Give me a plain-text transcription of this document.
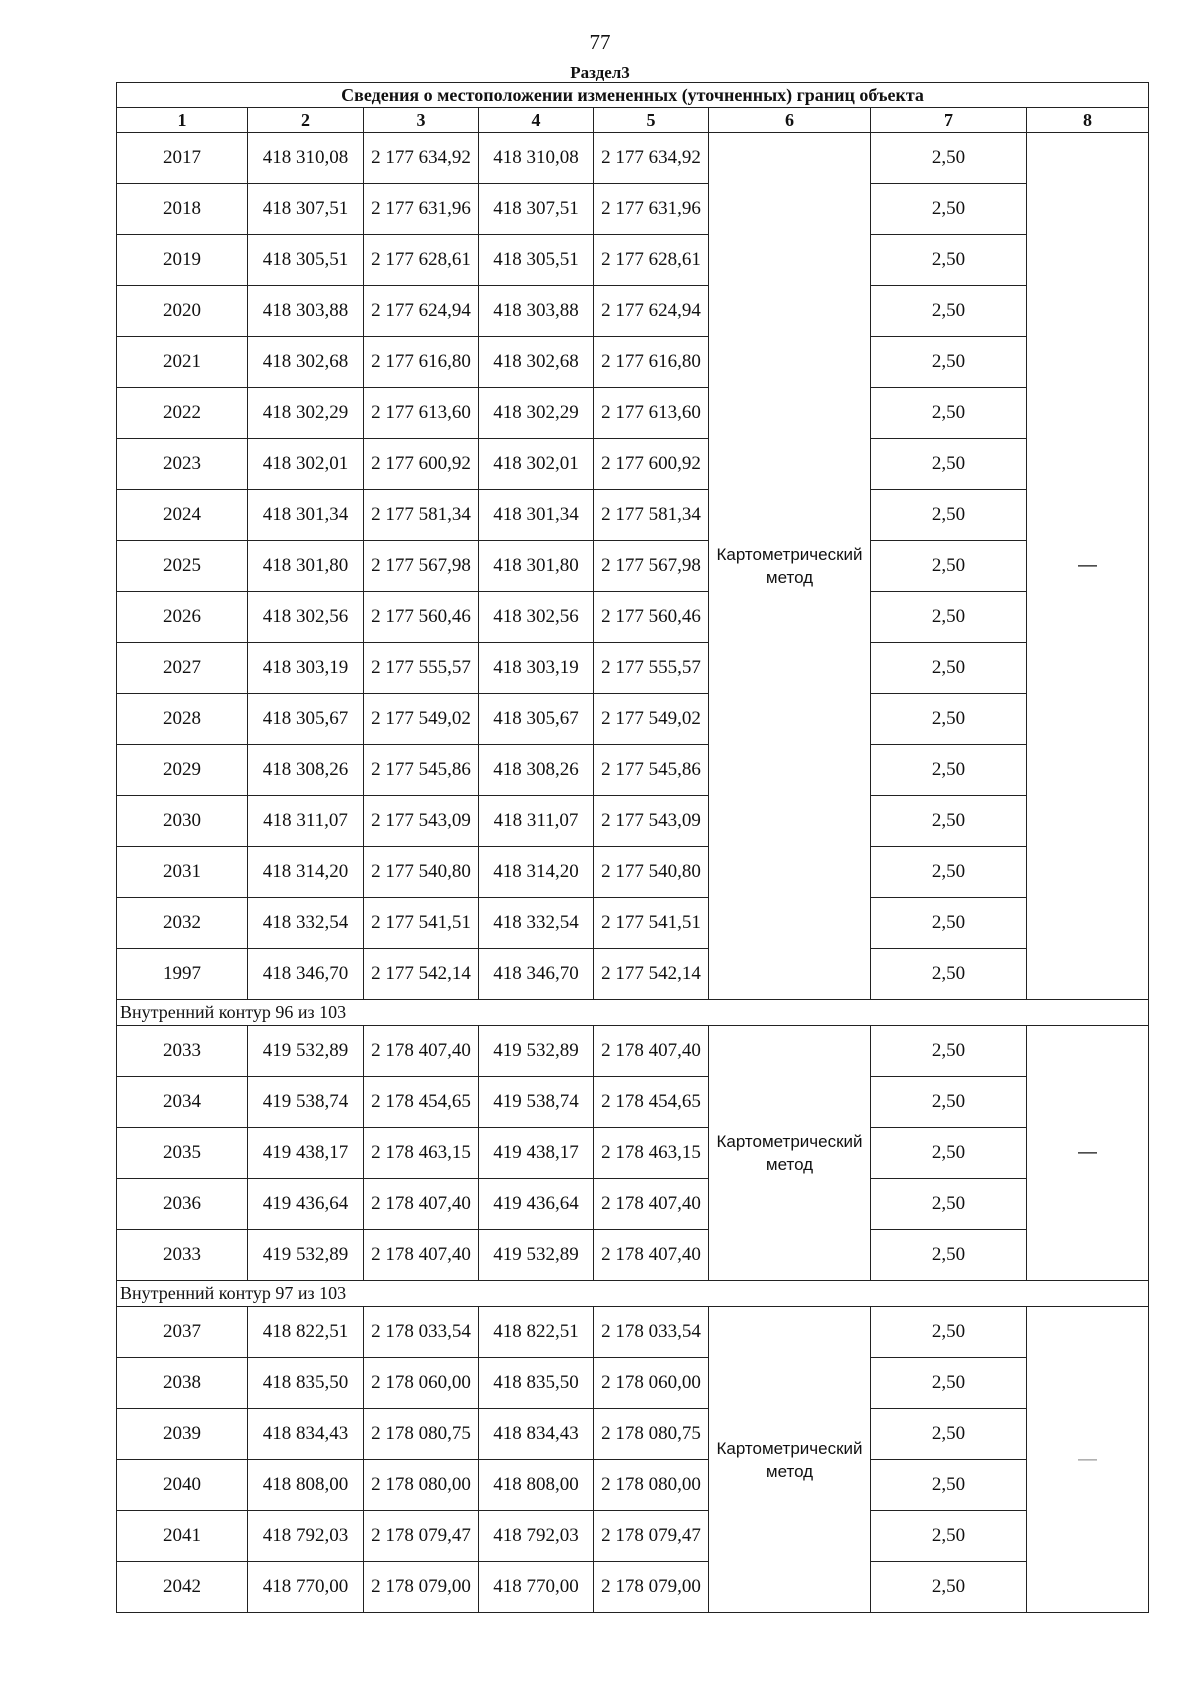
77
Раздел3
Сведения о местоположении измененных (уточненных) границ объекта							
1	2	3	4	5	6	7	8
2017	418 310,08	2 177 634,92	418 310,08	2 177 634,92	Картометрический метод	2,50	—
2018	418 307,51	2 177 631,96	418 307,51	2 177 631,96		2,50	
2019	418 305,51	2 177 628,61	418 305,51	2 177 628,61		2,50	
2020	418 303,88	2 177 624,94	418 303,88	2 177 624,94		2,50	
2021	418 302,68	2 177 616,80	418 302,68	2 177 616,80		2,50	
2022	418 302,29	2 177 613,60	418 302,29	2 177 613,60		2,50	
2023	418 302,01	2 177 600,92	418 302,01	2 177 600,92		2,50	
2024	418 301,34	2 177 581,34	418 301,34	2 177 581,34		2,50	
2025	418 301,80	2 177 567,98	418 301,80	2 177 567,98		2,50	
2026	418 302,56	2 177 560,46	418 302,56	2 177 560,46		2,50	
2027	418 303,19	2 177 555,57	418 303,19	2 177 555,57		2,50	
2028	418 305,67	2 177 549,02	418 305,67	2 177 549,02		2,50	
2029	418 308,26	2 177 545,86	418 308,26	2 177 545,86		2,50	
2030	418 311,07	2 177 543,09	418 311,07	2 177 543,09		2,50	
2031	418 314,20	2 177 540,80	418 314,20	2 177 540,80		2,50	
2032	418 332,54	2 177 541,51	418 332,54	2 177 541,51		2,50	
1997	418 346,70	2 177 542,14	418 346,70	2 177 542,14		2,50	
Внутренний контур 96 из 103							
2033	419 532,89	2 178 407,40	419 532,89	2 178 407,40	Картометрический метод	2,50	—
2034	419 538,74	2 178 454,65	419 538,74	2 178 454,65		2,50	
2035	419 438,17	2 178 463,15	419 438,17	2 178 463,15		2,50	
2036	419 436,64	2 178 407,40	419 436,64	2 178 407,40		2,50	
2033	419 532,89	2 178 407,40	419 532,89	2 178 407,40		2,50	
Внутренний контур 97 из 103							
2037	418 822,51	2 178 033,54	418 822,51	2 178 033,54	Картометрический метод	2,50	—
2038	418 835,50	2 178 060,00	418 835,50	2 178 060,00		2,50	
2039	418 834,43	2 178 080,75	418 834,43	2 178 080,75		2,50	
2040	418 808,00	2 178 080,00	418 808,00	2 178 080,00		2,50	
2041	418 792,03	2 178 079,47	418 792,03	2 178 079,47		2,50	
2042	418 770,00	2 178 079,00	418 770,00	2 178 079,00		2,50	
